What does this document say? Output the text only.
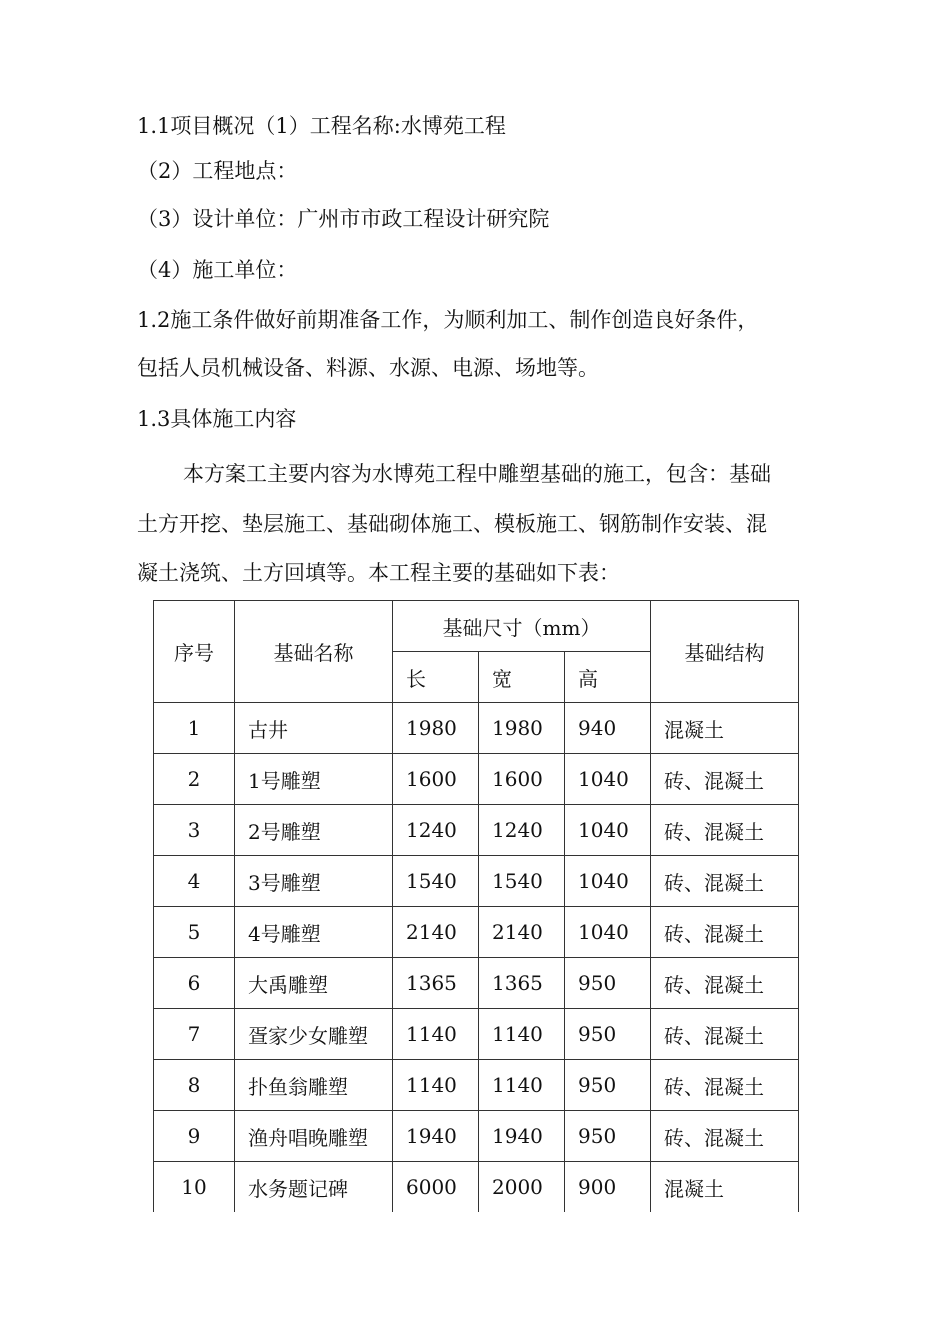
1.1项目概况（1）工程名称:水博苑工程
（2）工程地点：
（3）设计单位：广州市市政工程设计研究院
（4）施工单位：
1.2施工条件做好前期准备工作，为顺利加工、制作创造良好条件，
包括人员机械设备、料源、水源、电源、场地等。
1.3具体施工内容
本方案工主要内容为水博苑工程中雕塑基础的施工，包含：基础
土方开挖、垫层施工、基础砌体施工、模板施工、钢筋制作安装、混
凝土浇筑、土方回填等。本工程主要的基础如下表：
序号	基础名称	基础尺寸（mm）			基础结构
		长	宽	高	
1	古井	1980	1980	940	混凝土
2	1号雕塑	1600	1600	1040	砖、混凝土
3	2号雕塑	1240	1240	1040	砖、混凝土
4	3号雕塑	1540	1540	1040	砖、混凝土
5	4号雕塑	2140	2140	1040	砖、混凝土
6	大禹雕塑	1365	1365	950	砖、混凝土
7	疍家少女雕塑	1140	1140	950	砖、混凝土
8	扑鱼翁雕塑	1140	1140	950	砖、混凝土
9	渔舟唱晚雕塑	1940	1940	950	砖、混凝土
10	水务题记碑	6000	2000	900	混凝土
